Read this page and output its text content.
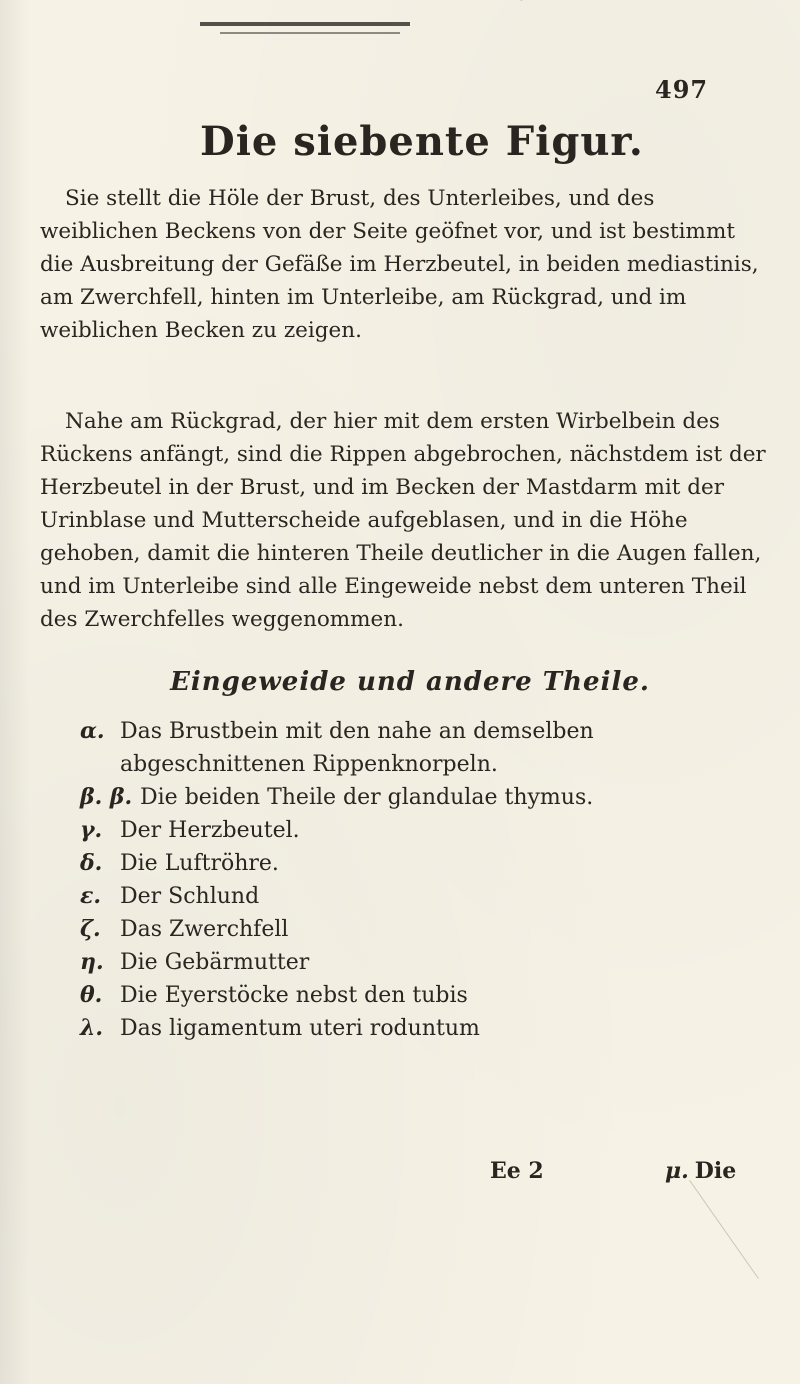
497
Die siebente Figur.

Sie stellt die Höle der Brust, des Unterleibes, und des weiblichen Beckens von der Seite geöfnet vor, und ist bestimmt die Ausbreitung der Gefäße im Herzbeutel, in beiden mediastinis, am Zwerchfell, hinten im Unterleibe, am Rückgrad, und im weiblichen Becken zu zeigen.

Nahe am Rückgrad, der hier mit dem ersten Wirbelbein des Rückens anfängt, sind die Rippen abgebrochen, nächstdem ist der Herzbeutel in der Brust, und im Becken der Mastdarm mit der Urinblase und Mutterscheide aufgeblasen, und in die Höhe gehoben, damit die hinteren Theile deutlicher in die Augen fallen, und im Unterleibe sind alle Eingeweide nebst dem unteren Theil des Zwerchfelles weggenommen.

Eingeweide und andere Theile.
α. Das Brustbein mit den nahe an demselben abgeschnittenen Rippenknorpeln.
β. β. Die beiden Theile der glandulae thymus.
γ. Der Herzbeutel.
δ. Die Luftröhre.
ε. Der Schlund
ζ. Das Zwerchfell
η. Die Gebärmutter
θ. Die Eyerstöcke nebst den tubis
λ. Das ligamentum uteri roduntum
Ee 2	μ. Die
